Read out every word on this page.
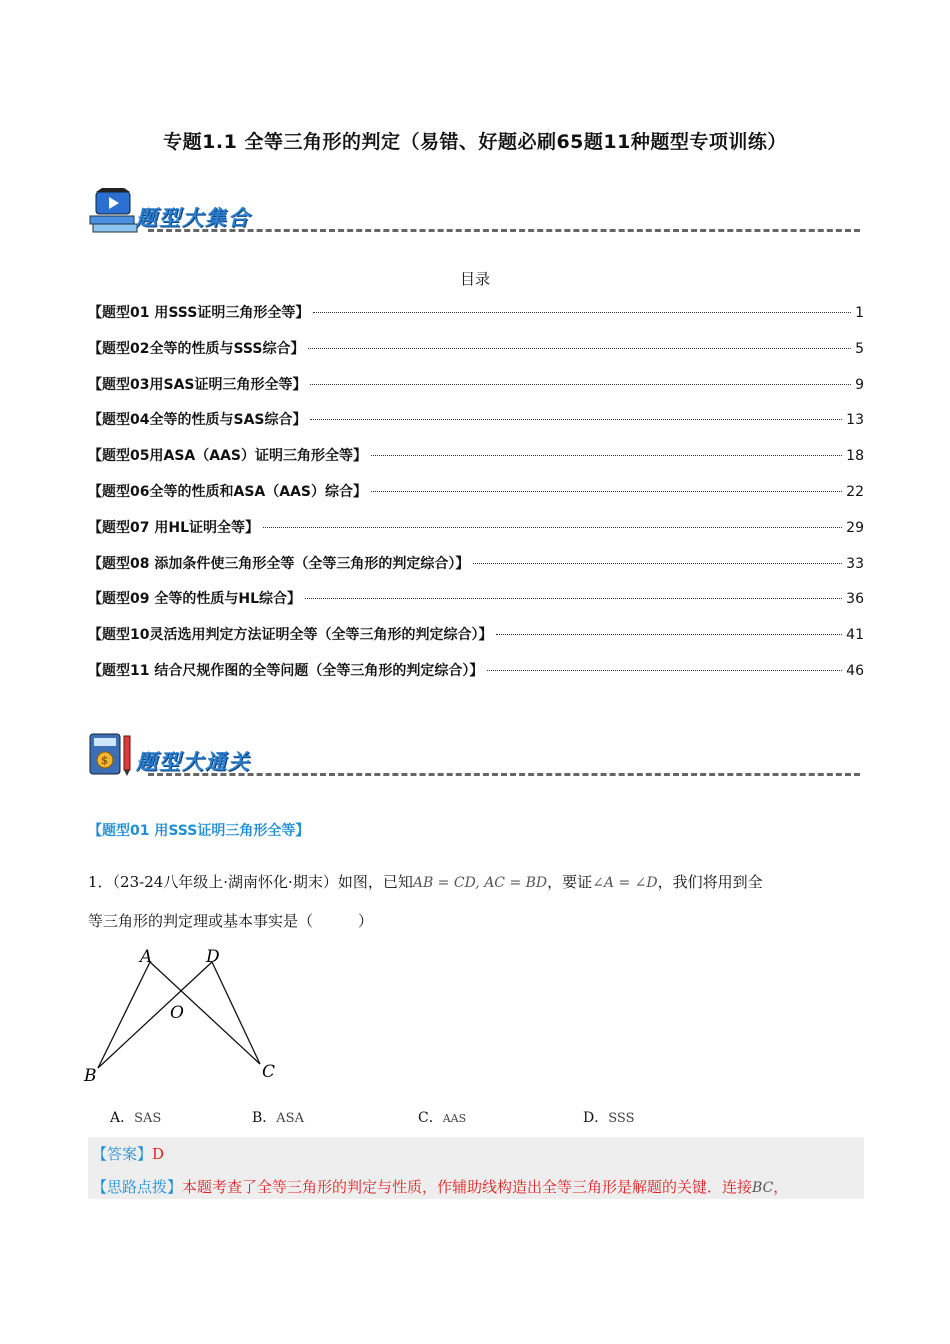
专题1.1 全等三角形的判定（易错、好题必刷65题11种题型专项训练）
题型大集合
目录
【题型01 用SSS证明三角形全等】	1
【题型02全等的性质与SSS综合】	5
【题型03用SAS证明三角形全等】	9
【题型04全等的性质与SAS综合】	13
【题型05用ASA（AAS）证明三角形全等】	18
【题型06全等的性质和ASA（AAS）综合】	22
【题型07 用HL证明全等】	29
【题型08 添加条件使三角形全等（全等三角形的判定综合）】	33
【题型09 全等的性质与HL综合】	36
【题型10灵活选用判定方法证明全等（全等三角形的判定综合）】	41
【题型11 结合尺规作图的全等问题（全等三角形的判定综合）】	46
$ 题型大通关
【题型01 用SSS证明三角形全等】
1．（23-24八年级上·湖南怀化·期末）如图，已知AB = CD, AC = BD，要证∠A = ∠D，我们将用到全
等三角形的判定理或基本事实是（　　　）
A	D
O
B	C
A．SAS	B．ASA	C．AAS	D．SSS
【答案】D
【思路点拨】本题考查了全等三角形的判定与性质，作辅助线构造出全等三角形是解题的关键．连接BC，
